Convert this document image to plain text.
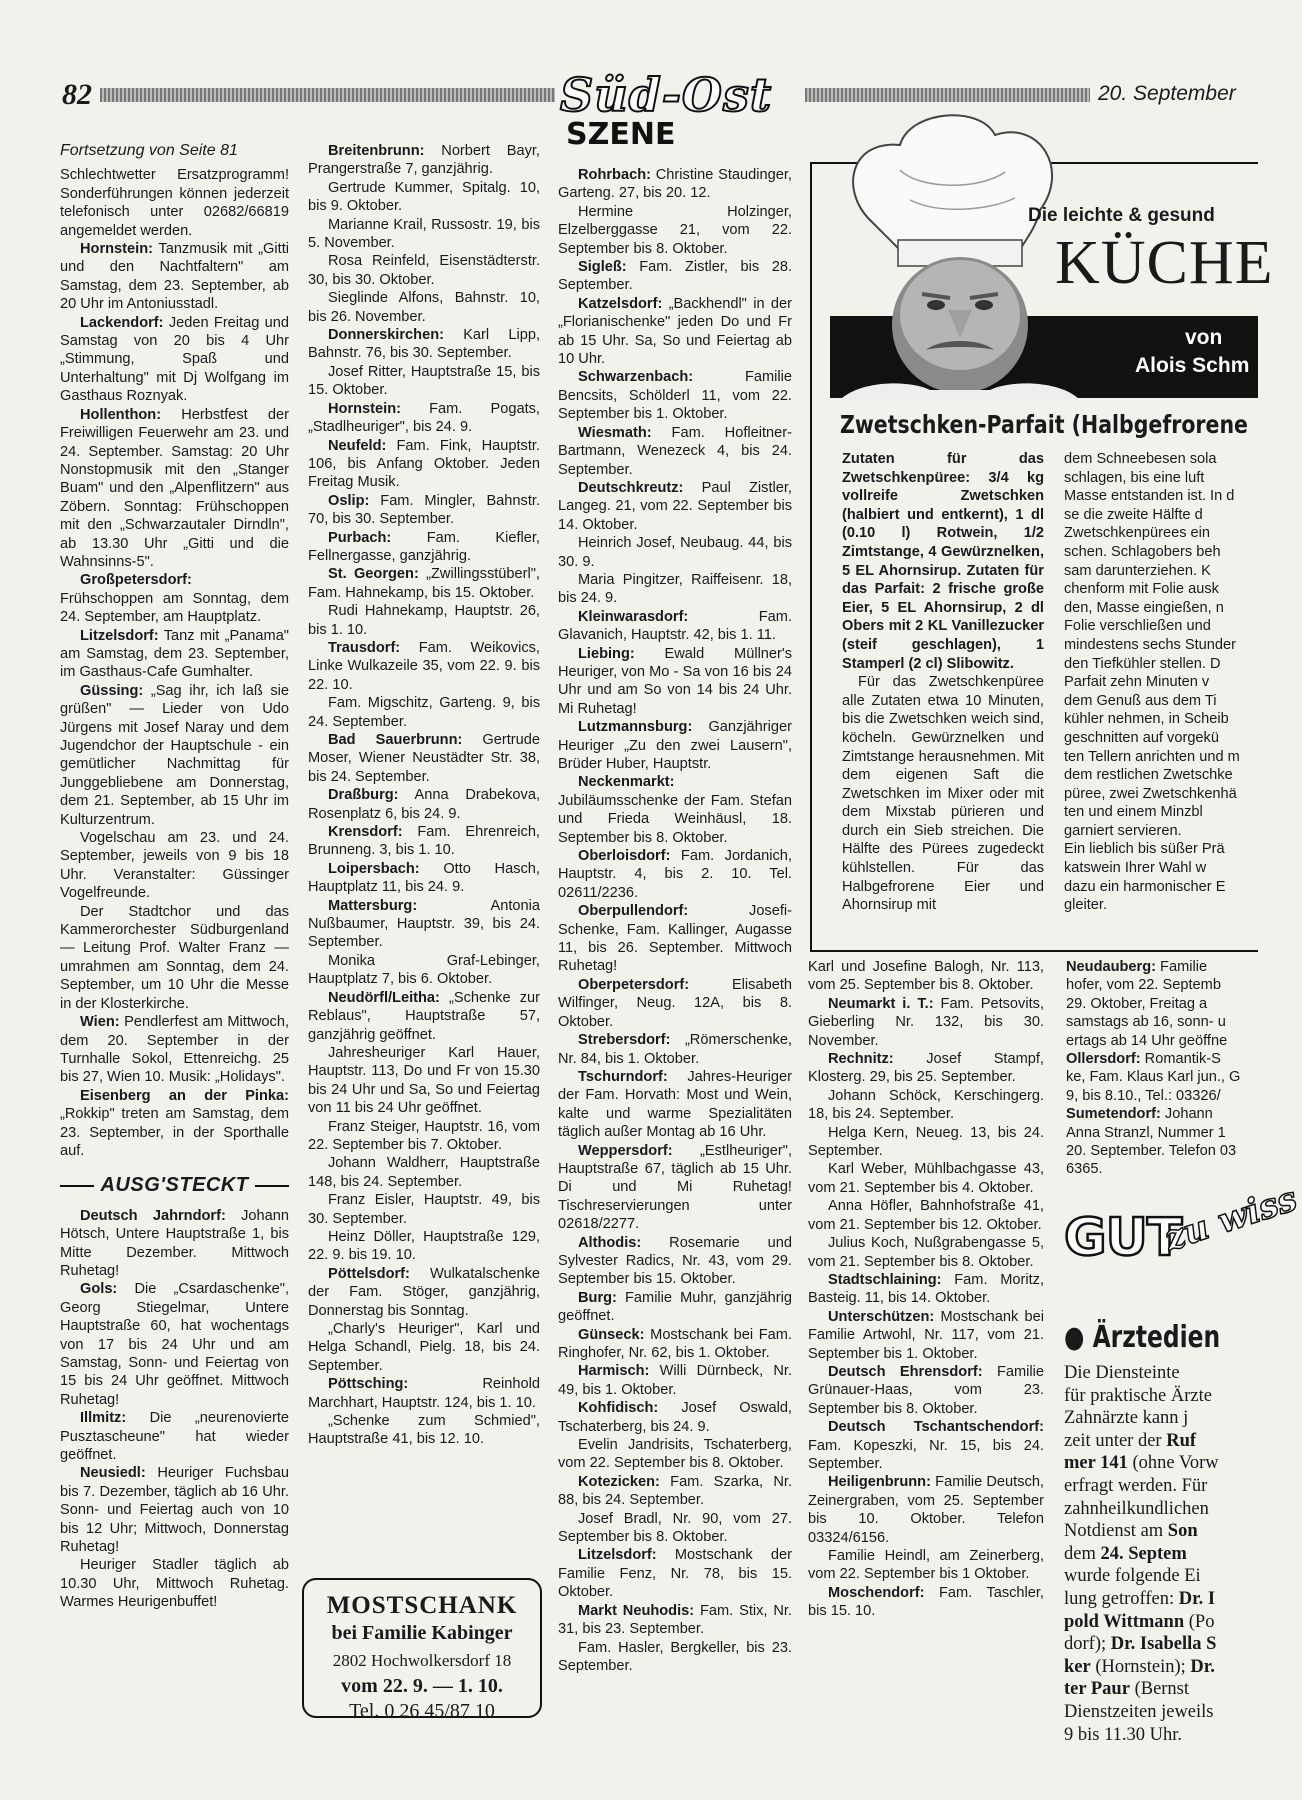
82	20. September
Süd-Ost
SZENE
Fortsetzung von Seite 81

Schlechtwetter Ersatzprogramm! Sonderführungen können jederzeit telefonisch unter 02682/66819 angemeldet werden.

Hornstein: Tanzmusik mit „Gitti und den Nachtfaltern" am Samstag, dem 23. September, ab 20 Uhr im Antoniusstadl.

Lackendorf: Jeden Freitag und Samstag von 20 bis 4 Uhr „Stimmung, Spaß und Unterhaltung" mit Dj Wolfgang im Gasthaus Roznyak.

Hollenthon: Herbstfest der Freiwilligen Feuerwehr am 23. und 24. September. Samstag: 20 Uhr Nonstopmusik mit den „Stanger Buam" und den „Alpenflitzern" aus Zöbern. Sonntag: Frühschoppen mit den „Schwarzautaler Dirndln", ab 13.30 Uhr „Gitti und die Wahnsinns-5".

Großpetersdorf: Frühschoppen am Sonntag, dem 24. September, am Hauptplatz.

Litzelsdorf: Tanz mit „Panama" am Samstag, dem 23. September, im Gasthaus-Cafe Gumhalter.

Güssing: „Sag ihr, ich laß sie grüßen" — Lieder von Udo Jürgens mit Josef Naray und dem Jugendchor der Hauptschule - ein gemütlicher Nachmittag für Junggebliebene am Donnerstag, dem 21. September, ab 15 Uhr im Kulturzentrum.

Vogelschau am 23. und 24. September, jeweils von 9 bis 18 Uhr. Veranstalter: Güssinger Vogelfreunde.

Der Stadtchor und das Kammerorchester Südburgenland — Leitung Prof. Walter Franz — umrahmen am Sonntag, dem 24. September, um 10 Uhr die Messe in der Klosterkirche.

Wien: Pendlerfest am Mittwoch, dem 20. September in der Turnhalle Sokol, Ettenreichg. 25 bis 27, Wien 10. Musik: „Holidays".

Eisenberg an der Pinka: „Rokkip" treten am Samstag, dem 23. September, in der Sporthalle auf.

AUSG'STECKT

Deutsch Jahrndorf: Johann Hötsch, Untere Hauptstraße 1, bis Mitte Dezember. Mittwoch Ruhetag!

Gols: Die „Csardaschenke", Georg Stiegelmar, Untere Hauptstraße 60, hat wochentags von 17 bis 24 Uhr und am Samstag, Sonn- und Feiertag von 15 bis 24 Uhr geöffnet. Mittwoch Ruhetag!

Illmitz: Die „neurenovierte Pusztascheune" hat wieder geöffnet.

Neusiedl: Heuriger Fuchsbau bis 7. Dezember, täglich ab 16 Uhr. Sonn- und Feiertag auch von 10 bis 12 Uhr; Mittwoch, Donnerstag Ruhetag!

Heuriger Stadler täglich ab 10.30 Uhr, Mittwoch Ruhetag. Warmes Heurigenbuffet!

Breitenbrunn: Norbert Bayr, Prangerstraße 7, ganzjährig.

Gertrude Kummer, Spitalg. 10, bis 9. Oktober.

Marianne Krail, Russostr. 19, bis 5. November.

Rosa Reinfeld, Eisenstädterstr. 30, bis 30. Oktober.

Sieglinde Alfons, Bahnstr. 10, bis 26. November.

Donnerskirchen: Karl Lipp, Bahnstr. 76, bis 30. September.

Josef Ritter, Hauptstraße 15, bis 15. Oktober.

Hornstein: Fam. Pogats, „Stadlheuriger", bis 24. 9.

Neufeld: Fam. Fink, Hauptstr. 106, bis Anfang Oktober. Jeden Freitag Musik.

Oslip: Fam. Mingler, Bahnstr. 70, bis 30. September.

Purbach: Fam. Kiefler, Fellnergasse, ganzjährig.

St. Georgen: „Zwillingsstüberl", Fam. Hahnekamp, bis 15. Oktober.

Rudi Hahnekamp, Hauptstr. 26, bis 1. 10.

Trausdorf: Fam. Weikovics, Linke Wulkazeile 35, vom 22. 9. bis 22. 10.

Fam. Migschitz, Garteng. 9, bis 24. September.

Bad Sauerbrunn: Gertrude Moser, Wiener Neustädter Str. 38, bis 24. September.

Draßburg: Anna Drabekova, Rosenplatz 6, bis 24. 9.

Krensdorf: Fam. Ehrenreich, Brunneng. 3, bis 1. 10.

Loipersbach: Otto Hasch, Hauptplatz 11, bis 24. 9.

Mattersburg:	Antonia Nußbaumer, Hauptstr. 39, bis 24. September.

Monika Graf-Lebinger, Hauptplatz 7, bis 6. Oktober.

Neudörfl/Leitha: „Schenke zur Reblaus", Hauptstraße 57, ganzjährig geöffnet.

Jahresheuriger Karl Hauer, Hauptstr. 113, Do und Fr von 15.30 bis 24 Uhr und Sa, So und Feiertag von 11 bis 24 Uhr geöffnet.

Franz Steiger, Hauptstr. 16, vom 22. September bis 7. Oktober.

Johann Waldherr, Hauptstraße 148, bis 24. September.

Franz Eisler, Hauptstr. 49, bis 30. September.

Heinz Döller, Hauptstraße 129, 22. 9. bis 19. 10.

Pöttelsdorf: Wulkatalschenke der Fam. Stöger, ganzjährig, Donnerstag bis Sonntag.

„Charly's Heuriger", Karl und Helga Schandl, Pielg. 18, bis 24. September.

Pöttsching:	Reinhold Marchhart, Hauptstr. 124, bis 1. 10.

„Schenke zum Schmied", Hauptstraße 41, bis 12. 10.

MOSTSCHANK
bei Familie Kabinger
2802 Hochwolkersdorf 18
vom 22. 9. — 1. 10.
Tel. 0 26 45/87 10

Rohrbach: Christine Staudinger, Garteng. 27, bis 20. 12.

Hermine Holzinger, Elzelberggasse 21, vom 22. September bis 8. Oktober.

Sigleß: Fam. Zistler, bis 28. September.

Katzelsdorf: „Backhendl" in der „Florianischenke" jeden Do und Fr ab 15 Uhr. Sa, So und Feiertag ab 10 Uhr.

Schwarzenbach:	Familie Bencsits, Schölderl 11, vom 22. September bis 1. Oktober.

Wiesmath: Fam. Hofleitner-Bartmann, Wenezeck 4, bis 24. September.

Deutschkreutz: Paul Zistler, Langeg. 21, vom 22. September bis 14. Oktober.

Heinrich Josef, Neubaug. 44, bis 30. 9.

Maria Pingitzer, Raiffeisenг. 18, bis 24. 9.

Kleinwarasdorf:	Fam. Glavanich, Hauptstr. 42, bis 1. 11.

Liebing: Ewald Müllner's Heuriger, von Mo - Sa von 16 bis 24 Uhr und am So von 14 bis 24 Uhr. Mi Ruhetag!

Lutzmannsburg: Ganzjähriger Heuriger „Zu den zwei Lausern", Brüder Huber, Hauptstr.

Neckenmarkt: Jubiläumsschenke der Fam. Stefan und Frieda Weinhäusl, 18. September bis 8. Oktober.

Oberloisdorf: Fam. Jordanich, Hauptstr. 4, bis 2. 10. Tel. 02611/2236.

Oberpullendorf:	Josefi-Schenke, Fam. Kallinger, Augasse 11, bis 26. September. Mittwoch Ruhetag!

Oberpetersdorf:	Elisabeth Wilfinger, Neug. 12A, bis 8. Oktober.

Strebersdorf: „Römerschenke, Nr. 84, bis 1. Oktober.

Tschurndorf: Jahres-Heuriger der Fam. Horvath: Most und Wein, kalte und warme Spezialitäten täglich außer Montag ab 16 Uhr.

Weppersdorf: „Estlheuriger", Hauptstraße 67, täglich ab 15 Uhr. Di und Mi Ruhetag! Tischreservierungen unter 02618/2277.

Althodis: Rosemarie und Sylvester Radics, Nr. 43, vom 29. September bis 15. Oktober.

Burg: Familie Muhr, ganzjährig geöffnet.

Günseck: Mostschank bei Fam. Ringhofer, Nr. 62, bis 1. Oktober.

Harmisch: Willi Dürnbeck, Nr. 49, bis 1. Oktober.

Kohfidisch: Josef Oswald, Tschaterberg, bis 24. 9.

Evelin Jandrisits, Tschaterberg, vom 22. September bis 8. Oktober.

Kotezicken: Fam. Szarka, Nr. 88, bis 24. September.

Josef Bradl, Nr. 90, vom 27. September bis 8. Oktober.

Litzelsdorf: Mostschank der Familie Fenz, Nr. 78, bis 15. Oktober.

Markt Neuhodis: Fam. Stix, Nr. 31, bis 23. September.

Fam. Hasler, Bergkeller, bis 23. September.

Die leichte & gesund
KÜCHE
von
Alois Schm
Zwetschken-Parfait (Halbgefrorene

Zutaten für das Zwetschkenpüree: 3/4 kg vollreife Zwetschken (halbiert und entkernt), 1 dl (0.10 l) Rotwein, 1/2 Zimtstange, 4 Gewürznelken, 5 EL Ahornsirup. Zutaten für das Parfait: 2 frische große Eier, 5 EL Ahornsirup, 2 dl Obers mit 2 KL Vanillezucker (steif geschlagen), 1 Stamperl (2 cl) Slibowitz.

Für das Zwetschkenpüree alle Zutaten etwa 10 Minuten, bis die Zwetschken weich sind, köcheln. Gewürznelken und Zimtstange herausnehmen. Mit dem eigenen Saft die Zwetschken im Mixer oder mit dem Mixstab pürieren und durch ein Sieb streichen. Die Hälfte des Pürees zugedeckt kühlstellen. Für das Halbgefrorene Eier und Ahornsirup mit

dem Schneebesen sola
schlagen, bis eine luft
Masse entstanden ist. In d
se die zweite Hälfte d
Zwetschkenpürees ein
schen. Schlagobers beh
sam darunterziehen. K
chenform mit Folie ausk
den, Masse eingießen, n
Folie verschließen und
mindestens sechs Stunder
den Tiefkühler stellen. D
Parfait zehn Minuten v
dem Genuß aus dem Ti
kühler nehmen, in Scheib
geschnitten auf vorgekü
ten Tellern anrichten und m
dem restlichen Zwetschke
püree, zwei Zwetschkenhä
ten und einem Minzbl
garniert servieren.
Ein lieblich bis süßer Prä
katswein Ihrer Wahl w
dazu ein harmonischer E
gleiter.

Karl und Josefine Balogh, Nr. 113, vom 25. September bis 8. Oktober.

Neumarkt i. T.: Fam. Petsovits, Gieberling Nr. 132, bis 30. November.

Rechnitz: Josef Stampf, Klosterg. 29, bis 25. September.

Johann Schöck, Kerschingerg. 18, bis 24. September.

Helga Kern, Neueg. 13, bis 24. September.

Karl Weber, Mühlbachgasse 43, vom 21. September bis 4. Oktober.

Anna Höfler, Bahnhofstraße 41, vom 21. September bis 12. Oktober.

Julius Koch, Nußgrabengasse 5, vom 21. September bis 8. Oktober.

Stadtschlaining: Fam. Moritz, Basteig. 11, bis 14. Oktober.

Unterschützen: Mostschank bei Familie Artwohl, Nr. 117, vom 21. September bis 1. Oktober.

Deutsch Ehrensdorf: Familie Grünauer-Haas, vom 23. September bis 8. Oktober.

Deutsch Tschantschendorf: Fam. Kopeszki, Nr. 15, bis 24. September.

Heiligenbrunn: Familie Deutsch, Zeinergraben, vom 25. September bis 10. Oktober. Telefon 03324/6156.

Familie Heindl, am Zeinerberg, vom 22. September bis 1 Oktober.

Moschendorf: Fam. Taschler, bis 15. 10.

Neudauberg: Familie
hofer, vom 22. Septemb
29. Oktober, Freitag a
samstags ab 16, sonn- u
ertags ab 14 Uhr geöffne
Ollersdorf: Romantik-S
ke, Fam. Klaus Karl jun., G
9, bis 8.10., Tel.: 03326/
Sumetendorf: Johann
Anna Stranzl, Nummer 1
20. September. Telefon 03
6365.
GUT
zu wiss
● Ärztedien
Die Diensteinte
für praktische Ärzte
Zahnärzte kann j
zeit unter der Ruf
mer 141 (ohne Vorw
erfragt werden. Für
zahnheilkundlichen
Notdienst am Son
dem 24. Septem
wurde folgende Ei
lung getroffen: Dr. I
pold Wittmann (Po
dorf); Dr. Isabella S
ker (Hornstein); Dr.
ter Paur (Bernst
Dienstzeiten jeweils
9 bis 11.30 Uhr.
